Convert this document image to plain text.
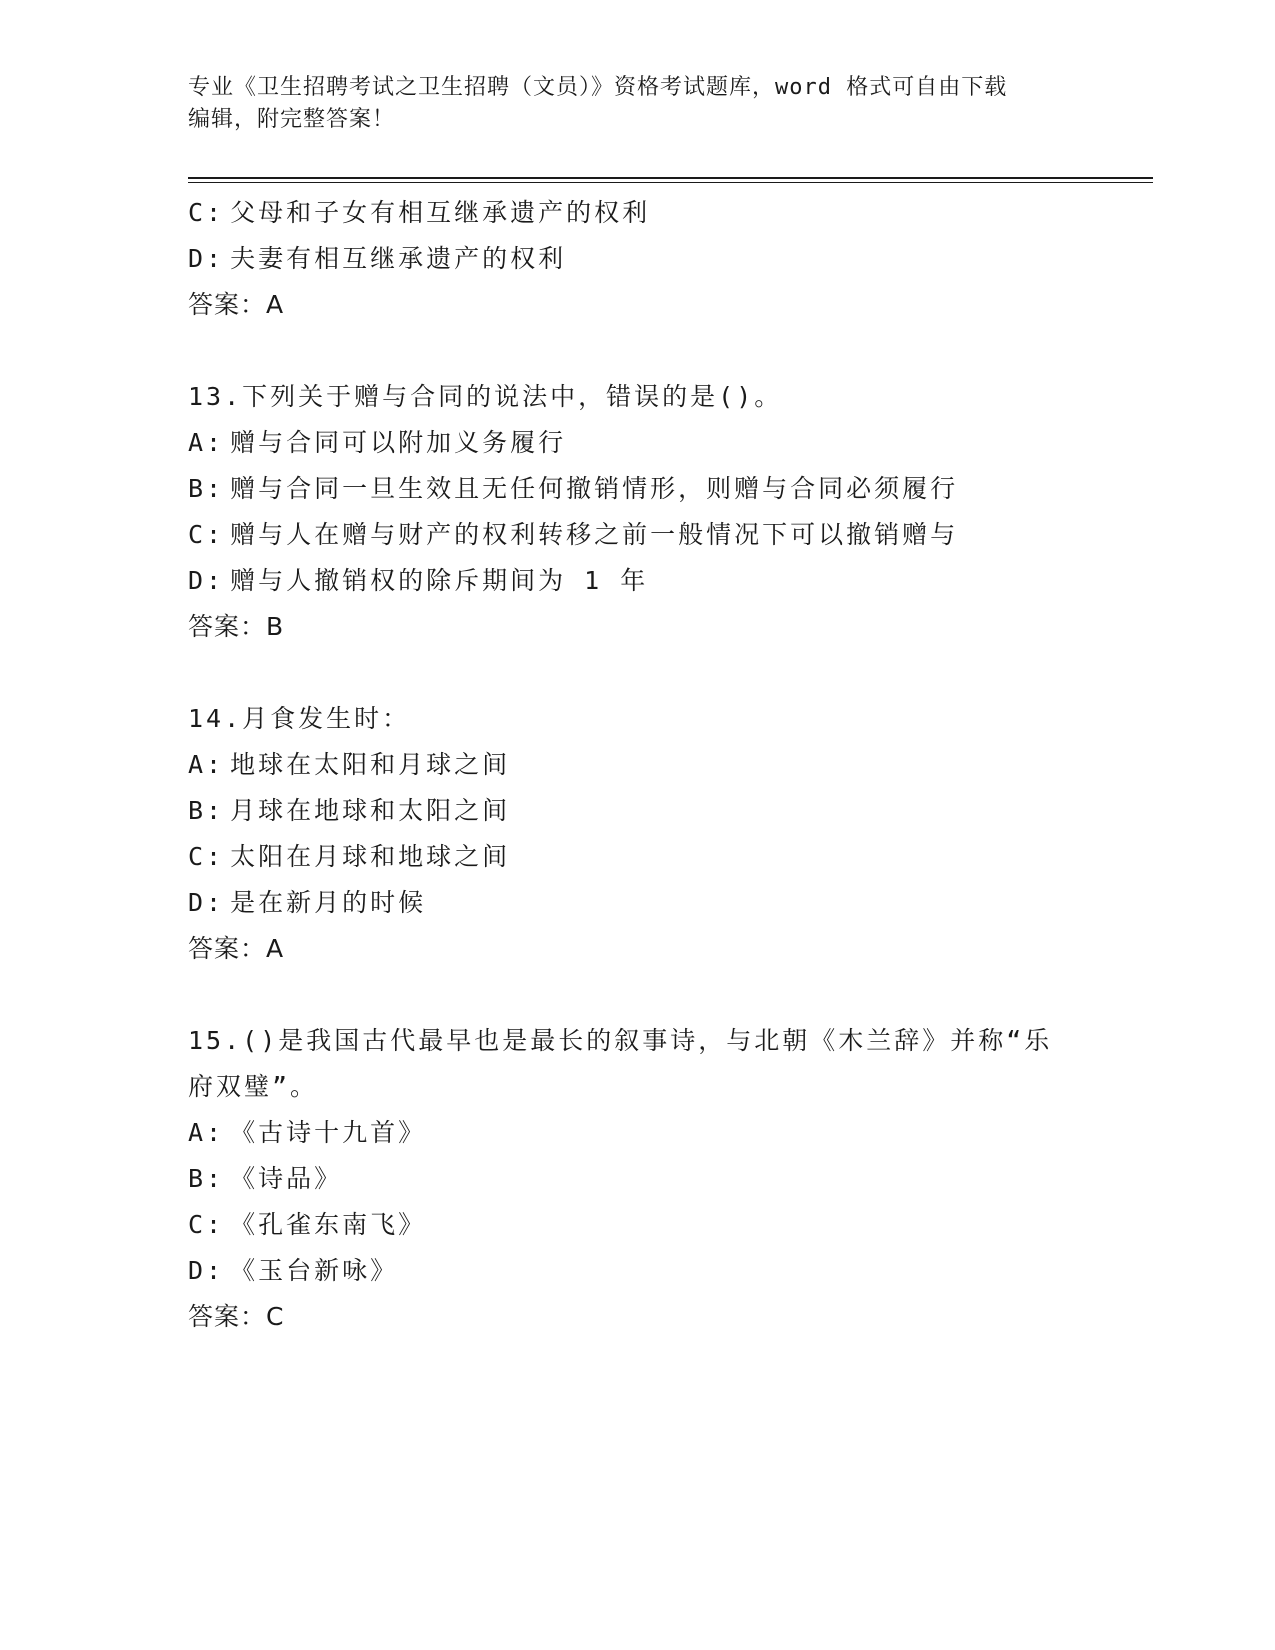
专业《卫生招聘考试之卫生招聘（文员）》资格考试题库，word 格式可自由下载
编辑，附完整答案！
C: 父母和子女有相互继承遗产的权利
D: 夫妻有相互继承遗产的权利
答案：A
13.下列关于赠与合同的说法中，错误的是()。
A: 赠与合同可以附加义务履行
B: 赠与合同一旦生效且无任何撤销情形，则赠与合同必须履行
C: 赠与人在赠与财产的权利转移之前一般情况下可以撤销赠与
D: 赠与人撤销权的除斥期间为 1 年
答案：B
14.月食发生时：
A: 地球在太阳和月球之间
B: 月球在地球和太阳之间
C: 太阳在月球和地球之间
D: 是在新月的时候
答案：A
15.()是我国古代最早也是最长的叙事诗，与北朝《木兰辞》并称“乐
府双璧”。
A: 《古诗十九首》
B: 《诗品》
C: 《孔雀东南飞》
D: 《玉台新咏》
答案：C
